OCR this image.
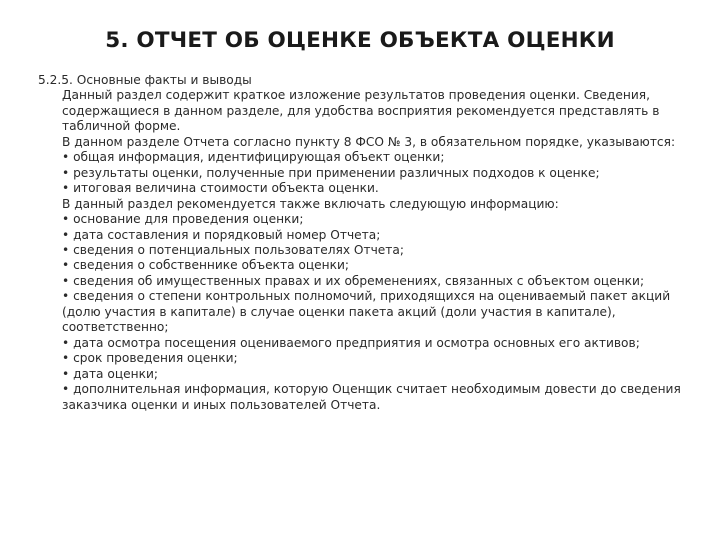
5. ОТЧЕТ ОБ ОЦЕНКЕ ОБЪЕКТА ОЦЕНКИ
5.2.5. Основные факты и выводы
Данный раздел содержит краткое изложение результатов проведения оценки. Сведения, содержащиеся в данном разделе, для удобства восприятия рекомендуется представлять в табличной форме.
В данном разделе Отчета согласно пункту 8 ФСО № 3, в обязательном порядке, указываются:
• общая информация, идентифицирующая объект оценки;
• результаты оценки, полученные при применении различных подходов к оценке;
• итоговая величина стоимости объекта оценки.
В данный раздел рекомендуется также включать следующую информацию:
• основание для проведения оценки;
• дата составления и порядковый номер Отчета;
• сведения о потенциальных пользователях Отчета;
• сведения о собственнике объекта оценки;
• сведения об имущественных правах и их обременениях, связанных с объектом оценки;
• сведения о степени контрольных полномочий, приходящихся на оцениваемый пакет акций (долю участия в капитале) в случае оценки пакета акций (доли участия в капитале), соответственно;
• дата осмотра посещения оцениваемого предприятия и осмотра основных его активов;
• срок проведения оценки;
• дата оценки;
• дополнительная информация, которую Оценщик считает необходимым довести до сведения заказчика оценки и иных пользователей Отчета.
